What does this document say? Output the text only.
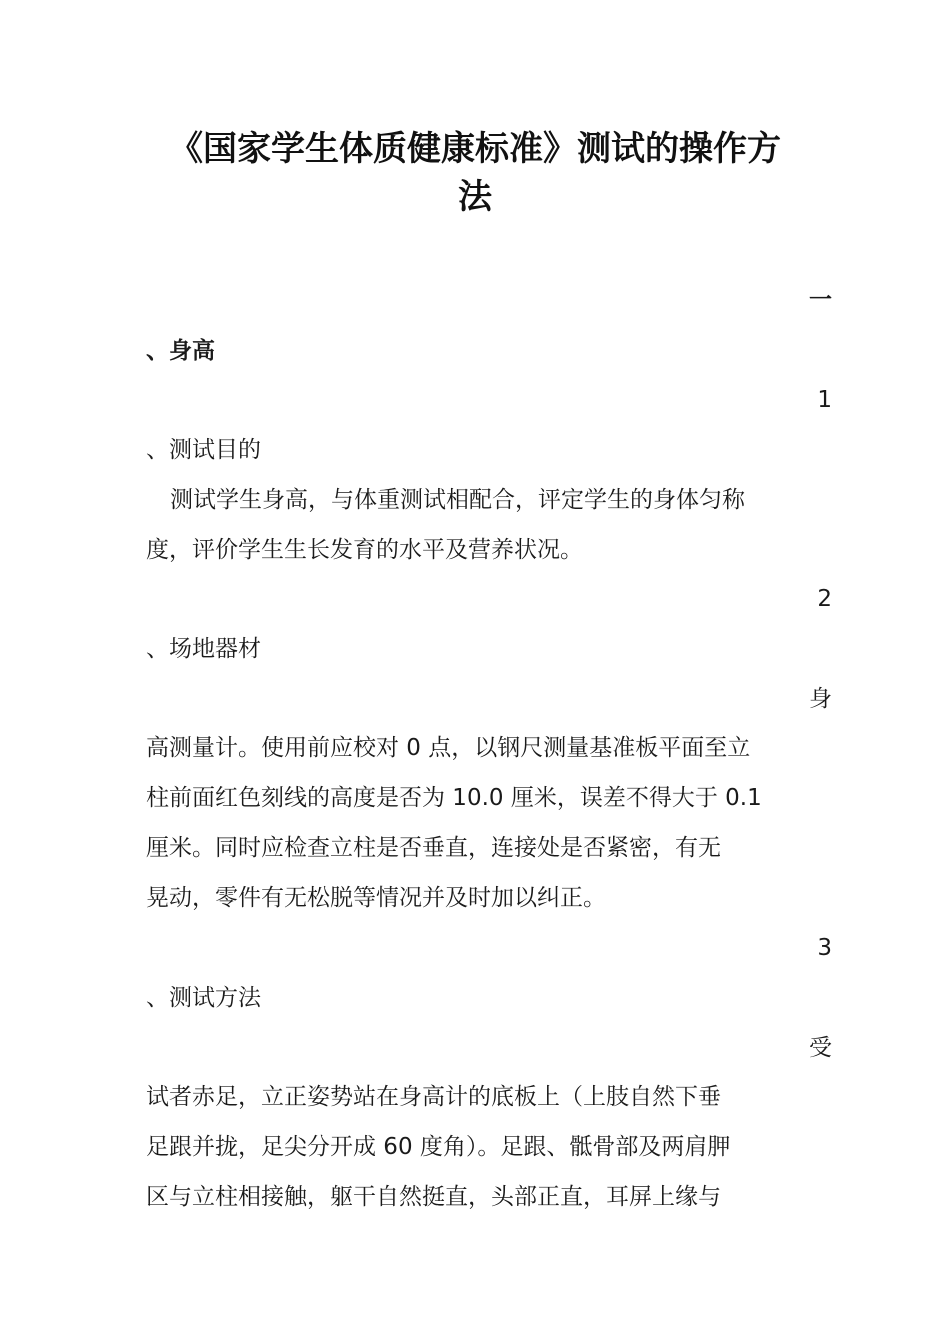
《国家学生体质健康标准》测试的操作方
法
一
、身高
1
、测试目的
测试学生身高，与体重测试相配合，评定学生的身体匀称
度，评价学生生长发育的水平及营养状况。
2
、场地器材
身
高测量计。使用前应校对 0 点，以钢尺测量基准板平面至立
柱前面红色刻线的高度是否为 10.0 厘米，误差不得大于 0.1
厘米。同时应检查立柱是否垂直，连接处是否紧密，有无
晃动，零件有无松脱等情况并及时加以纠正。
3
、测试方法
受
试者赤足，立正姿势站在身高计的底板上（上肢自然下垂
足跟并拢，足尖分开成 60 度角）。足跟、骶骨部及两肩胛
区与立柱相接触，躯干自然挺直，头部正直，耳屏上缘与
